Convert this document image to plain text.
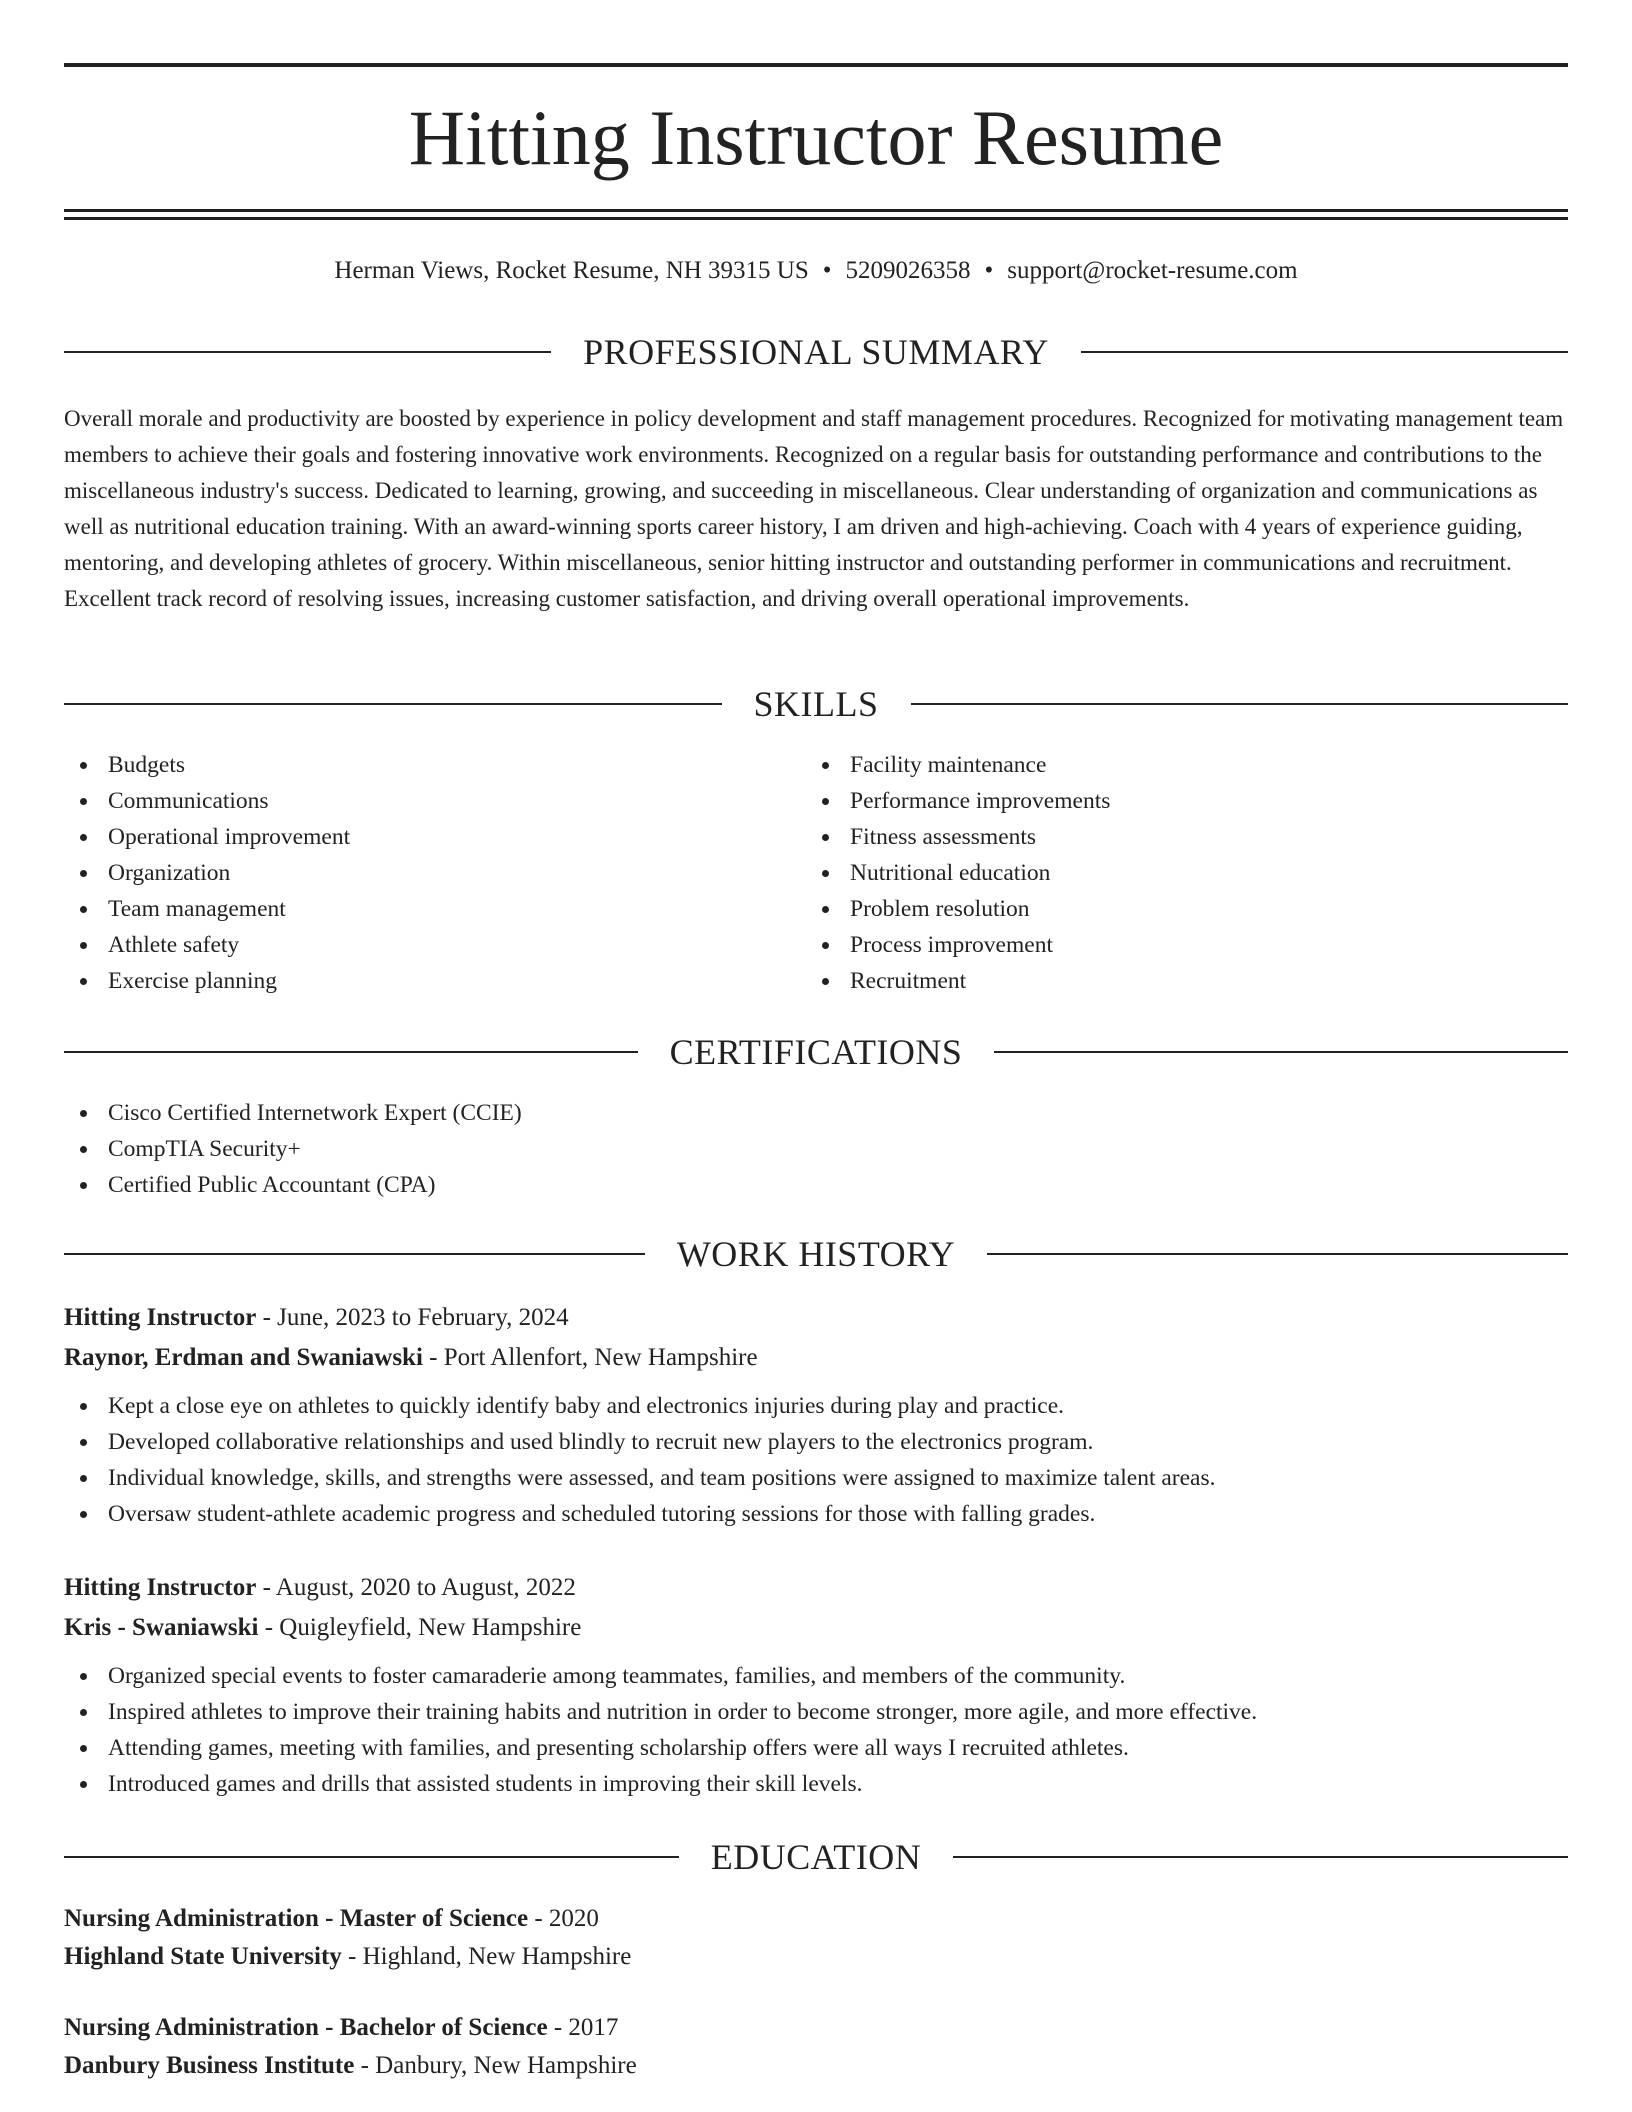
Hitting Instructor Resume
Herman Views, Rocket Resume, NH 39315 US • 5209026358 • support@rocket-resume.com
PROFESSIONAL SUMMARY
Overall morale and productivity are boosted by experience in policy development and staff management procedures. Recognized for motivating management team members to achieve their goals and fostering innovative work environments. Recognized on a regular basis for outstanding performance and contributions to the miscellaneous industry's success. Dedicated to learning, growing, and succeeding in miscellaneous. Clear understanding of organization and communications as well as nutritional education training. With an award-winning sports career history, I am driven and high-achieving. Coach with 4 years of experience guiding, mentoring, and developing athletes of grocery. Within miscellaneous, senior hitting instructor and outstanding performer in communications and recruitment. Excellent track record of resolving issues, increasing customer satisfaction, and driving overall operational improvements.
SKILLS
Budgets
Communications
Operational improvement
Organization
Team management
Athlete safety
Exercise planning
Facility maintenance
Performance improvements
Fitness assessments
Nutritional education
Problem resolution
Process improvement
Recruitment
CERTIFICATIONS
Cisco Certified Internetwork Expert (CCIE)
CompTIA Security+
Certified Public Accountant (CPA)
WORK HISTORY
Hitting Instructor - June, 2023 to February, 2024
Raynor, Erdman and Swaniawski - Port Allenfort, New Hampshire
Kept a close eye on athletes to quickly identify baby and electronics injuries during play and practice.
Developed collaborative relationships and used blindly to recruit new players to the electronics program.
Individual knowledge, skills, and strengths were assessed, and team positions were assigned to maximize talent areas.
Oversaw student-athlete academic progress and scheduled tutoring sessions for those with falling grades.
Hitting Instructor - August, 2020 to August, 2022
Kris - Swaniawski - Quigleyfield, New Hampshire
Organized special events to foster camaraderie among teammates, families, and members of the community.
Inspired athletes to improve their training habits and nutrition in order to become stronger, more agile, and more effective.
Attending games, meeting with families, and presenting scholarship offers were all ways I recruited athletes.
Introduced games and drills that assisted students in improving their skill levels.
EDUCATION
Nursing Administration - Master of Science - 2020
Highland State University - Highland, New Hampshire
Nursing Administration - Bachelor of Science - 2017
Danbury Business Institute - Danbury, New Hampshire
